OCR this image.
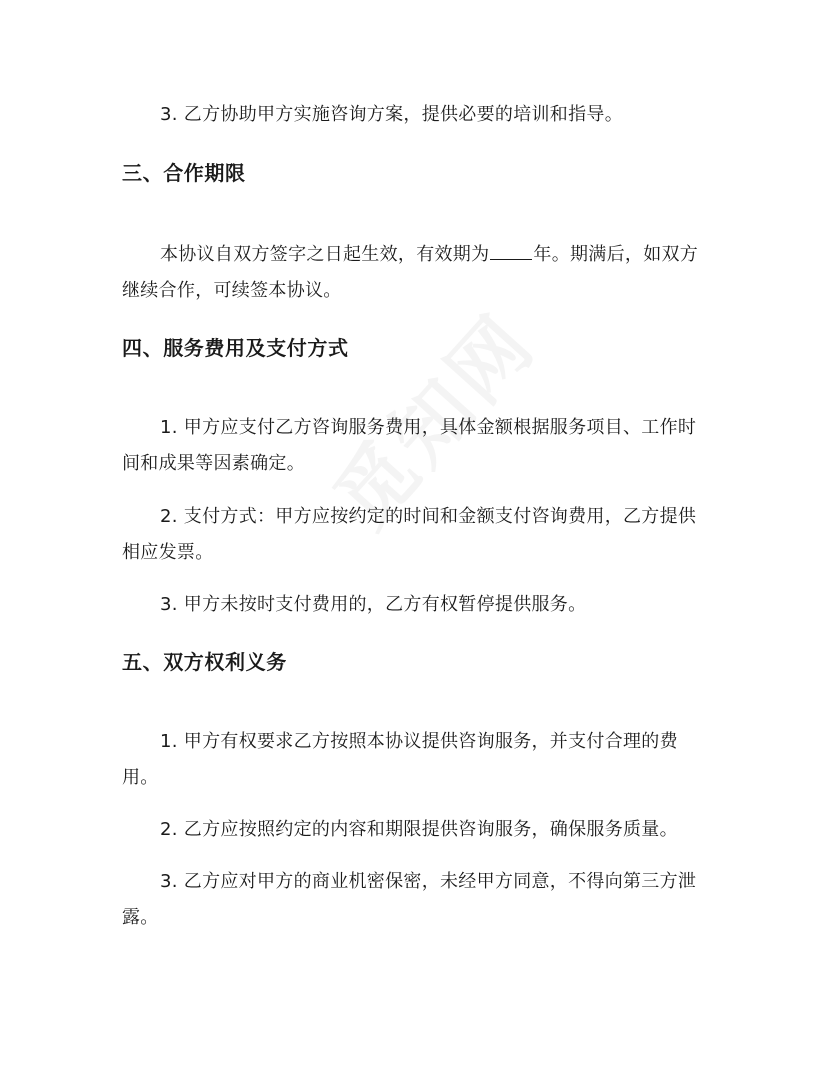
3. 乙方协助甲方实施咨询方案，提供必要的培训和指导。
三、合作期限
本协议自双方签字之日起生效，有效期为 年。期满后，如双方继续合作，可续签本协议。
四、服务费用及支付方式
1. 甲方应支付乙方咨询服务费用，具体金额根据服务项目、工作时间和成果等因素确定。
2. 支付方式：甲方应按约定的时间和金额支付咨询费用，乙方提供相应发票。
3. 甲方未按时支付费用的，乙方有权暂停提供服务。
五、双方权利义务
1. 甲方有权要求乙方按照本协议提供咨询服务，并支付合理的费用。
2. 乙方应按照约定的内容和期限提供咨询服务，确保服务质量。
3. 乙方应对甲方的商业机密保密，未经甲方同意，不得向第三方泄露。
